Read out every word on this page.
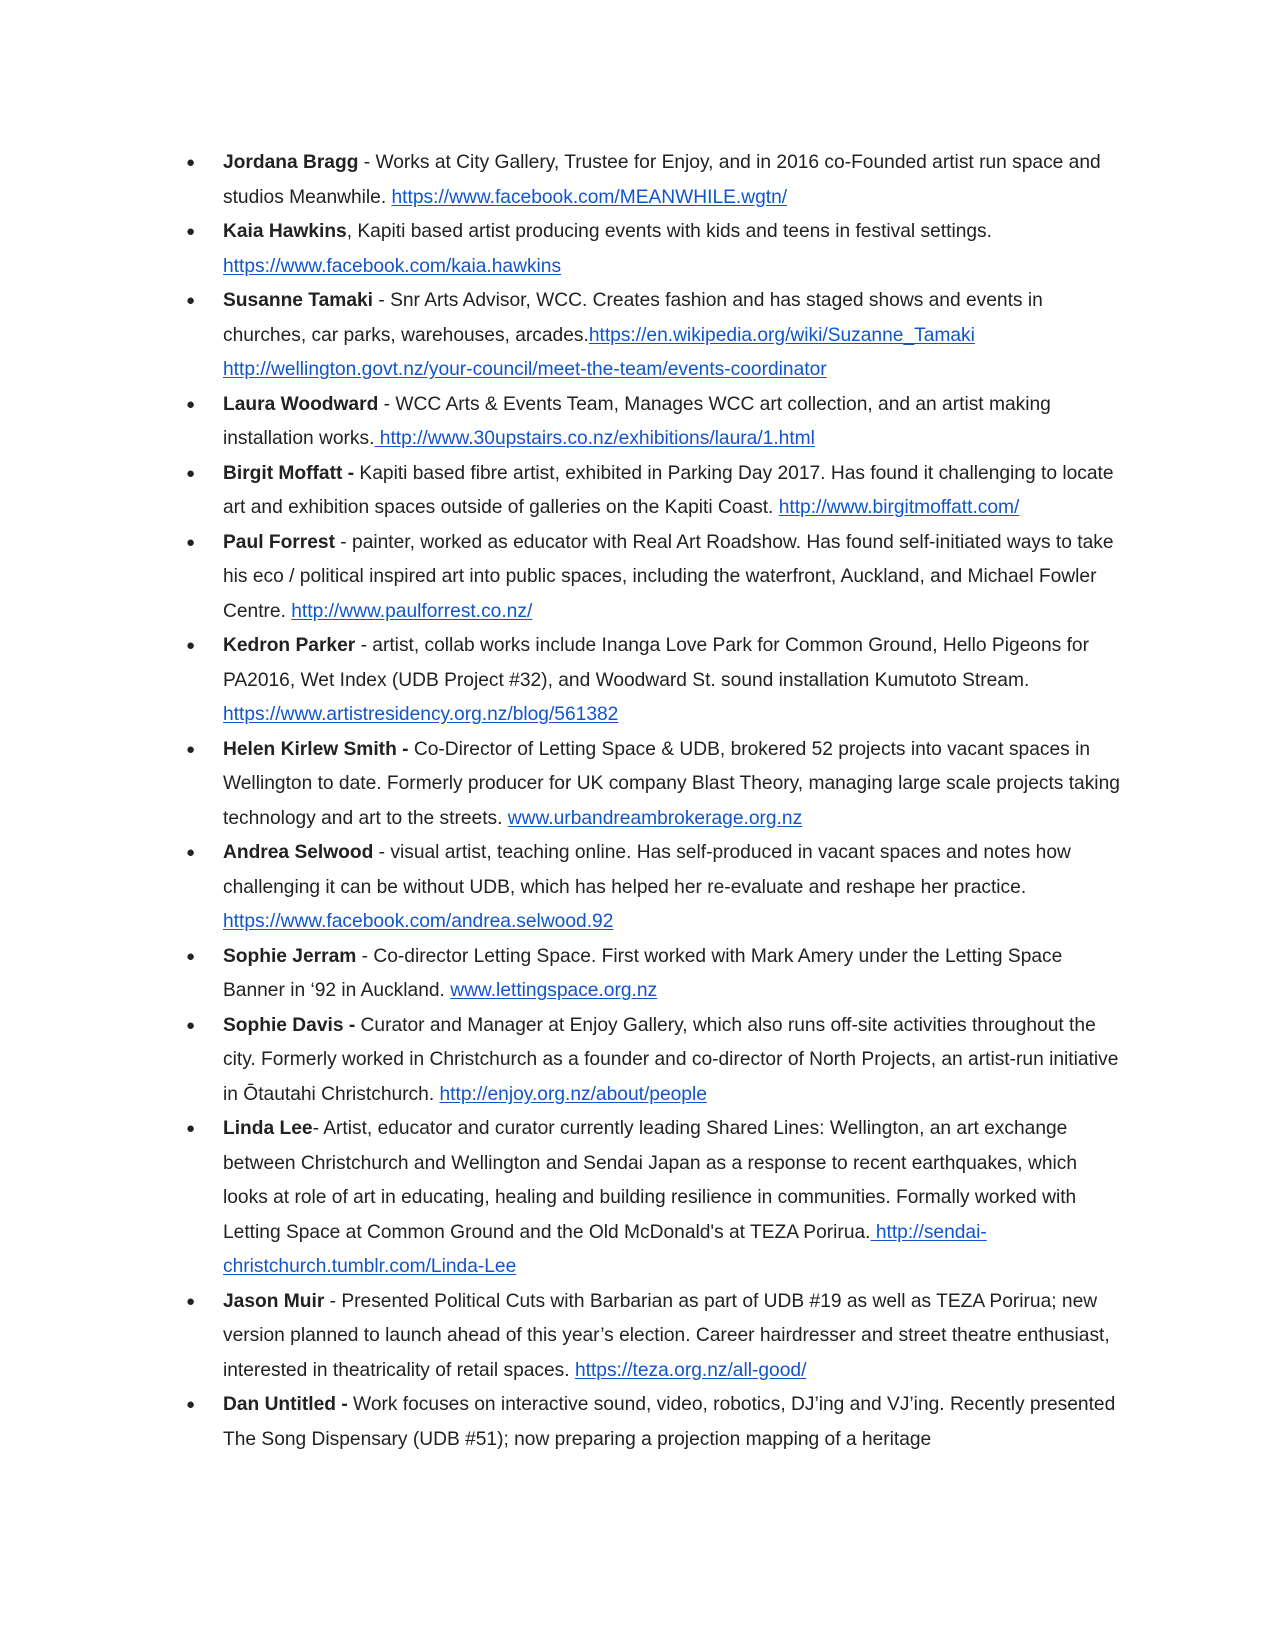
● Jordana Bragg - Works at City Gallery, Trustee for Enjoy, and in 2016 co-Founded artist run space and studios Meanwhile. https://www.facebook.com/MEANWHILE.wgtn/
● Kaia Hawkins, Kapiti based artist producing events with kids and teens in festival settings. https://www.facebook.com/kaia.hawkins
● Susanne Tamaki - Snr Arts Advisor, WCC. Creates fashion and has staged shows and events in churches, car parks, warehouses, arcades.https://en.wikipedia.org/wiki/Suzanne_Tamaki
http://wellington.govt.nz/your-council/meet-the-team/events-coordinator
● Laura Woodward - WCC Arts & Events Team, Manages WCC art collection, and an artist making installation works. http://www.30upstairs.co.nz/exhibitions/laura/1.html
● Birgit Moffatt - Kapiti based fibre artist, exhibited in Parking Day 2017. Has found it challenging to locate art and exhibition spaces outside of galleries on the Kapiti Coast. http://www.birgitmoffatt.com/
● Paul Forrest - painter, worked as educator with Real Art Roadshow. Has found self-initiated ways to take his eco / political inspired art into public spaces, including the waterfront, Auckland, and Michael Fowler Centre. http://www.paulforrest.co.nz/
● Kedron Parker - artist, collab works include Inanga Love Park for Common Ground, Hello Pigeons for PA2016, Wet Index (UDB Project #32), and Woodward St. sound installation Kumutoto Stream. https://www.artistresidency.org.nz/blog/561382
● Helen Kirlew Smith - Co-Director of Letting Space & UDB, brokered 52 projects into vacant spaces in Wellington to date. Formerly producer for UK company Blast Theory, managing large scale projects taking technology and art to the streets. www.urbandreambrokerage.org.nz
● Andrea Selwood - visual artist, teaching online. Has self-produced in vacant spaces and notes how challenging it can be without UDB, which has helped her re-evaluate and reshape her practice. https://www.facebook.com/andrea.selwood.92
● Sophie Jerram - Co-director Letting Space. First worked with Mark Amery under the Letting Space Banner in ‘92 in Auckland. www.lettingspace.org.nz
● Sophie Davis - Curator and Manager at Enjoy Gallery, which also runs off-site activities throughout the city. Formerly worked in Christchurch as a founder and co-director of North Projects, an artist-run initiative in Ōtautahi Christchurch. http://enjoy.org.nz/about/people
● Linda Lee- Artist, educator and curator currently leading Shared Lines: Wellington, an art exchange between Christchurch and Wellington and Sendai Japan as a response to recent earthquakes, which looks at role of art in educating, healing and building resilience in communities. Formally worked with Letting Space at Common Ground and the Old McDonald's at TEZA Porirua. http://sendai-christchurch.tumblr.com/Linda-Lee
● Jason Muir - Presented Political Cuts with Barbarian as part of UDB #19 as well as TEZA Porirua; new version planned to launch ahead of this year’s election. Career hairdresser and street theatre enthusiast, interested in theatricality of retail spaces. https://teza.org.nz/all-good/
● Dan Untitled - Work focuses on interactive sound, video, robotics, DJ’ing and VJ’ing. Recently presented The Song Dispensary (UDB #51); now preparing a projection mapping of a heritage
